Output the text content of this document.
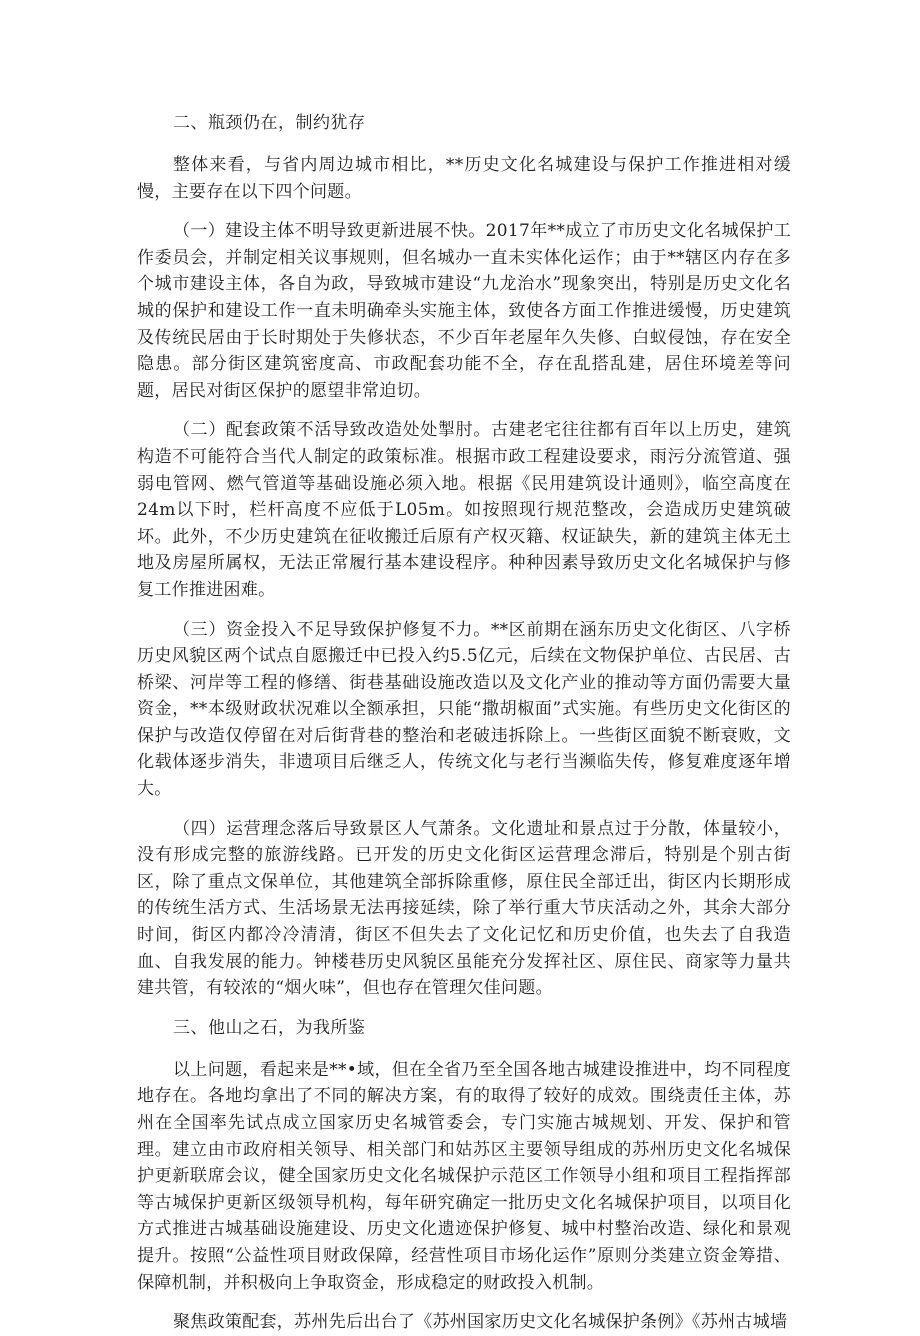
二、瓶颈仍在，制约犹存

整体来看，与省内周边城市相比，**历史文化名城建设与保护工作推进相对缓慢，主要存在以下四个问题。

（一）建设主体不明导致更新进展不快。2017年**成立了市历史文化名城保护工作委员会，并制定相关议事规则，但名城办一直未实体化运作；由于**辖区内存在多个城市建设主体，各自为政，导致城市建设“九龙治水”现象突出，特别是历史文化名城的保护和建设工作一直未明确牵头实施主体，致使各方面工作推进缓慢，历史建筑及传统民居由于长时期处于失修状态，不少百年老屋年久失修、白蚁侵蚀，存在安全隐患。部分街区建筑密度高、市政配套功能不全，存在乱搭乱建，居住环境差等问题，居民对街区保护的愿望非常迫切。

（二）配套政策不活导致改造处处掣肘。古建老宅往往都有百年以上历史，建筑构造不可能符合当代人制定的政策标准。根据市政工程建设要求，雨污分流管道、强弱电管网、燃气管道等基础设施必须入地。根据《民用建筑设计通则》，临空高度在24m以下时，栏杆高度不应低于L05m。如按照现行规范整改，会造成历史建筑破坏。此外，不少历史建筑在征收搬迁后原有产权灭籍、权证缺失，新的建筑主体无土地及房屋所属权，无法正常履行基本建设程序。种种因素导致历史文化名城保护与修复工作推进困难。

（三）资金投入不足导致保护修复不力。**区前期在涵东历史文化街区、八字桥历史风貌区两个试点自愿搬迁中已投入约5.5亿元，后续在文物保护单位、古民居、古桥梁、河岸等工程的修缮、街巷基础设施改造以及文化产业的推动等方面仍需要大量资金，**本级财政状况难以全额承担，只能“撒胡椒面”式实施。有些历史文化街区的保护与改造仅停留在对后街背巷的整治和老破违拆除上。一些街区面貌不断衰败，文化载体逐步消失，非遗项目后继乏人，传统文化与老行当濒临失传，修复难度逐年增大。

（四）运营理念落后导致景区人气萧条。文化遗址和景点过于分散，体量较小，没有形成完整的旅游线路。已开发的历史文化街区运营理念滞后，特别是个别古街区，除了重点文保单位，其他建筑全部拆除重修，原住民全部迁出，街区内长期形成的传统生活方式、生活场景无法再接延续，除了举行重大节庆活动之外，其余大部分时间，街区内都冷冷清清，街区不但失去了文化记忆和历史价值，也失去了自我造血、自我发展的能力。钟楼巷历史风貌区虽能充分发挥社区、原住民、商家等力量共建共管，有较浓的“烟火味”，但也存在管理欠佳问题。

三、他山之石，为我所鉴

以上问题，看起来是**•域，但在全省乃至全国各地古城建设推进中，均不同程度地存在。各地均拿出了不同的解决方案，有的取得了较好的成效。围绕责任主体，苏州在全国率先试点成立国家历史名城管委会，专门实施古城规划、开发、保护和管理。建立由市政府相关领导、相关部门和姑苏区主要领导组成的苏州历史文化名城保护更新联席会议，健全国家历史文化名城保护示范区工作领导小组和项目工程指挥部等古城保护更新区级领导机构，每年研究确定一批历史文化名城保护项目，以项目化方式推进古城基础设施建设、历史文化遗迹保护修复、城中村整治改造、绿化和景观提升。按照“公益性项目财政保障，经营性项目市场化运作”原则分类建立资金筹措、保障机制，并积极向上争取资金，形成稳定的财政投入机制。

聚焦政策配套，苏州先后出台了《苏州国家历史文化名城保护条例》《苏州古城墙
